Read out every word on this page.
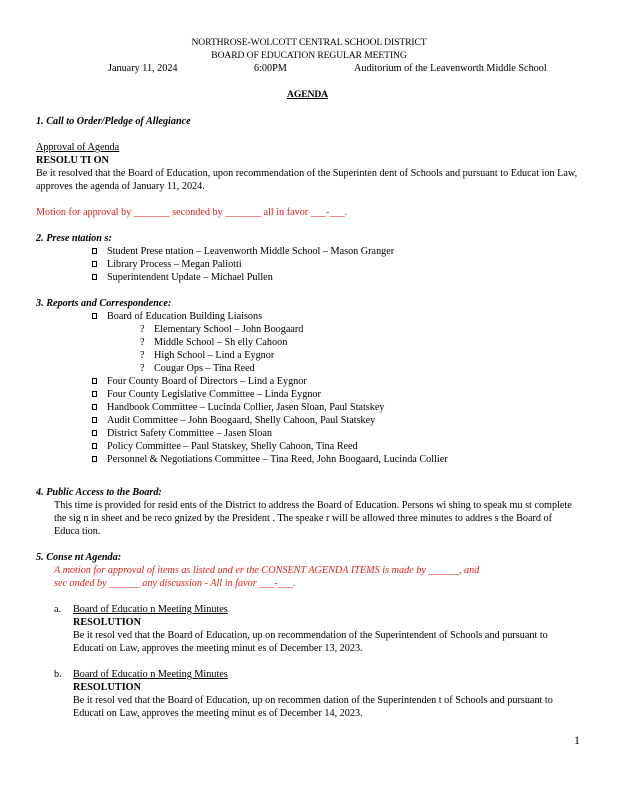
NORTHROSE-WOLCOTT CENTRAL SCHOOL DISTRICT
BOARD OF EDUCATION REGULAR MEETING
January 11, 2024	6:00PM	Auditorium of the Leavenworth Middle School
AGENDA
1. Call to Order/Pledge of Allegiance
Approval of Agenda
RESOLU TI ON
Be it resolved that the Board of Education, upon recommendation of the Superinten dent of Schools and pursuant to Educat ion Law, approves the agenda of January 11, 2024.
Motion for approval by _______ seconded by _______ all in favor ___-___.
2. Prese ntation s:
Student Prese ntation – Leavenworth Middle School – Mason Granger
Library Process – Megan Paliotti
Superintendent Update – Michael Pullen
3. Reports and Correspondence:
Board of Education Building Liaisons
? Elementary School – John Boogaard
? Middle School – Sh elly Cahoon
? High School – Lind a Eygnor
? Cougar Ops – Tina Reed
Four County Board of Directors – Lind a Eygnor
Four County Legislative Committee – Linda Eygnor
Handbook Committee – Lucinda Collier, Jasen Sloan, Paul Statskey
Audit Committee – John Boogaard, Shelly Cahoon, Paul Statskey
District Safety Committee – Jasen Sloan
Policy Committee – Paul Statskey, Shelly Cahoon, Tina Reed
Personnel & Negotiations Committee – Tina Reed, John Boogaard, Lucinda Collier
4. Public Access to the Board:
This time is provided for resid ents of the District to address the Board of Education. Persons wi shing to speak mu st complete the sig n in sheet and be reco gnized by the President . The speake r will be allowed three minutes to addres s the Board of Educa tion.
5. Conse nt Agenda:
A motion for approval of items as listed und er the CONSENT AGENDA ITEMS is made by ______, and sec onded by ______ any discussion - All in favor ___-___.
a. Board of Educatio n Meeting Minutes
RESOLUTION
Be it resol ved that the Board of Education, up on recommendation of the Superintendent of Schools and pursuant to Educati on Law, approves the meeting minut es of December 13, 2023.
b. Board of Educatio n Meeting Minutes
RESOLUTION
Be it resol ved that the Board of Education, up on recommen dation of the Superintenden t of Schools and pursuant to Educati on Law, approves the meeting minut es of December 14, 2023.
1
